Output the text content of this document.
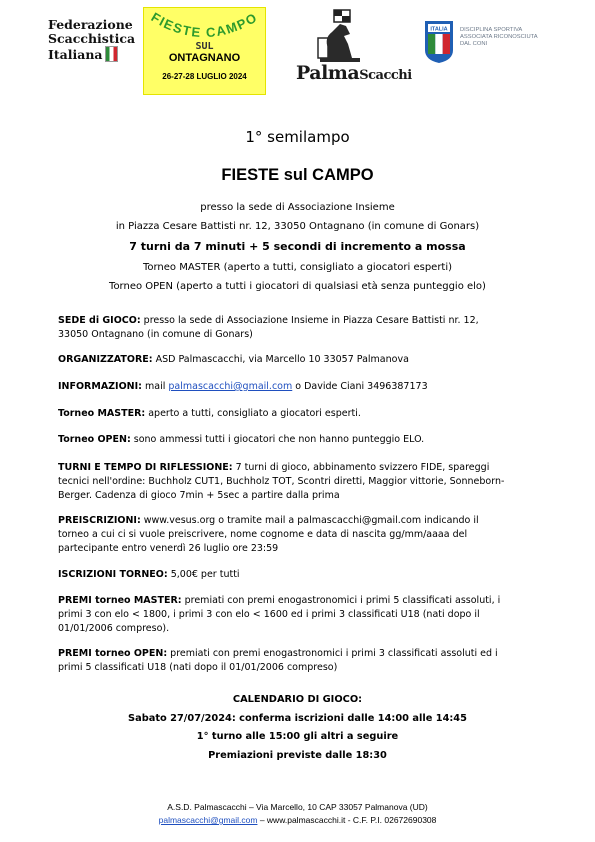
Federazione
Scacchistica
Italiana
FIESTE CAMPO
SUL
ONTAGNANO
26-27-28 LUGLIO 2024	PalmaScacchi
ITALIA DISCIPLINA SPORTIVA
ASSOCIATA RICONOSCIUTA
DAL CONI
1° semilampo
FIESTE sul CAMPO
presso la sede di Associazione Insieme
in Piazza Cesare Battisti nr. 12, 33050 Ontagnano (in comune di Gonars)
7 turni da 7 minuti + 5 secondi di incremento a mossa
Torneo MASTER (aperto a tutti, consigliato a giocatori esperti)
Torneo OPEN (aperto a tutti i giocatori di qualsiasi età senza punteggio elo)
SEDE di GIOCO: presso la sede di Associazione Insieme in Piazza Cesare Battisti nr. 12,
33050 Ontagnano (in comune di Gonars)
ORGANIZZATORE: ASD Palmascacchi, via Marcello 10 33057 Palmanova
INFORMAZIONI: mail palmascacchi@gmail.com o Davide Ciani 3496387173
Torneo MASTER: aperto a tutti, consigliato a giocatori esperti.
Torneo OPEN: sono ammessi tutti i giocatori che non hanno punteggio ELO.
TURNI E TEMPO DI RIFLESSIONE: 7 turni di gioco, abbinamento svizzero FIDE, spareggi
tecnici nell'ordine: Buchholz CUT1, Buchholz TOT, Scontri diretti, Maggior vittorie, Sonneborn-
Berger. Cadenza di gioco 7min + 5sec a partire dalla prima
PREISCRIZIONI: www.vesus.org o tramite mail a palmascacchi@gmail.com indicando il
torneo a cui ci si vuole preiscrivere, nome cognome e data di nascita gg/mm/aaaa del
partecipante entro venerdì 26 luglio ore 23:59
ISCRIZIONI TORNEO: 5,00€ per tutti
PREMI torneo MASTER: premiati con premi enogastronomici i primi 5 classificati assoluti, i
primi 3 con elo < 1800, i primi 3 con elo < 1600 ed i primi 3 classificati U18 (nati dopo il
01/01/2006 compreso).
PREMI torneo OPEN: premiati con premi enogastronomici i primi 3 classificati assoluti ed i
primi 5 classificati U18 (nati dopo il 01/01/2006 compreso)
CALENDARIO DI GIOCO:
Sabato 27/07/2024: conferma iscrizioni dalle 14:00 alle 14:45
1° turno alle 15:00 gli altri a seguire
Premiazioni previste dalle 18:30
A.S.D. Palmascacchi – Via Marcello, 10 CAP 33057 Palmanova (UD)
palmascacchi@gmail.com – www.palmascacchi.it - C.F. P.I. 02672690308
